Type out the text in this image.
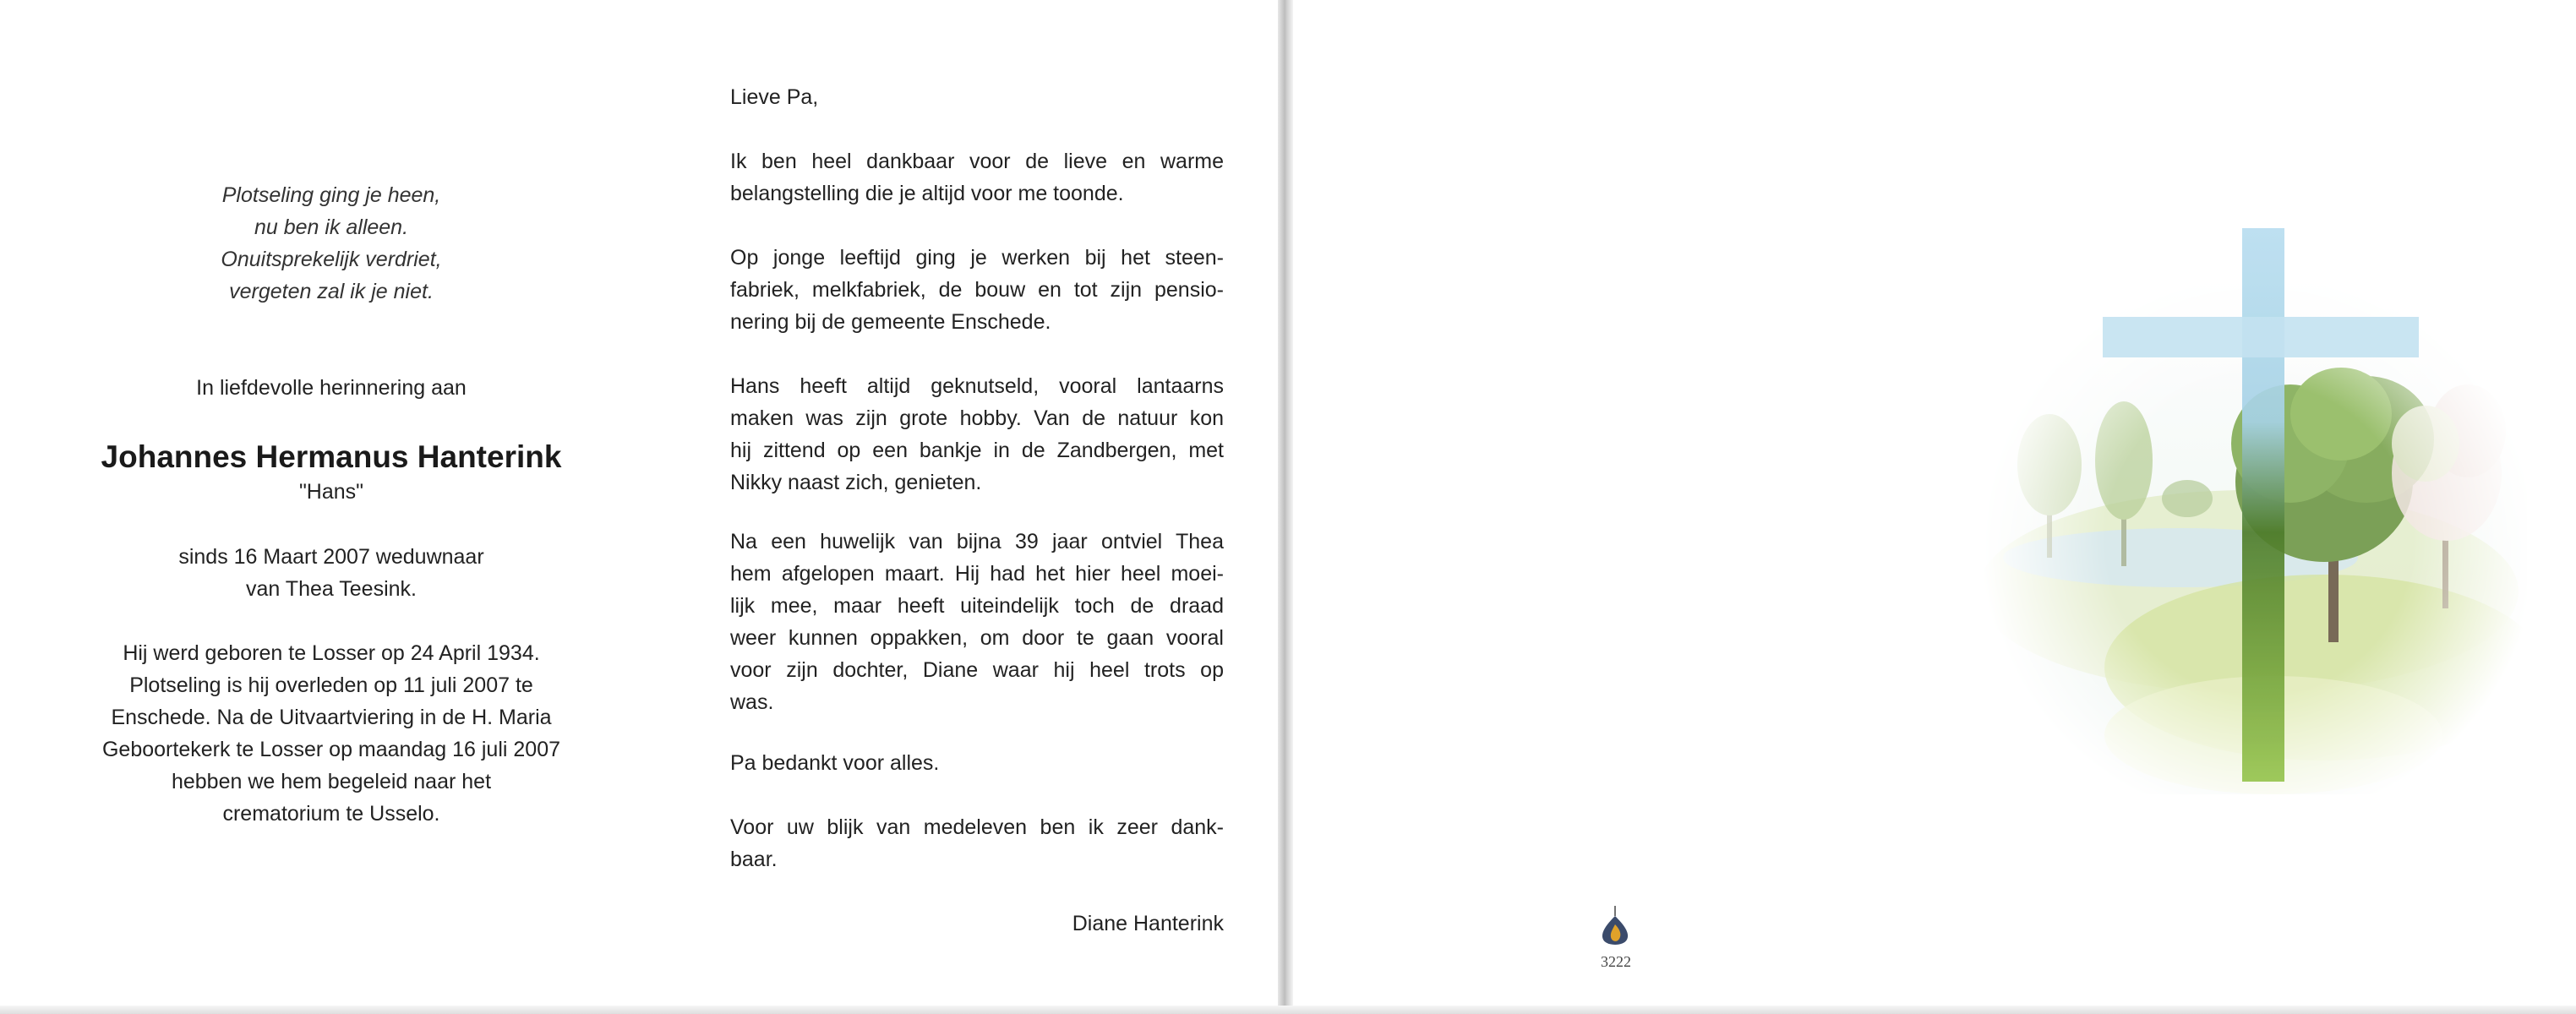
Plotseling ging je heen,
nu ben ik alleen.
Onuitsprekelijk verdriet,
vergeten zal ik je niet.
In liefdevolle herinnering aan
Johannes Hermanus Hanterink
"Hans"
sinds 16 Maart 2007 weduwnaar
van Thea Teesink.
Hij werd geboren te Losser op 24 April 1934.
Plotseling is hij overleden op 11 juli 2007 te
Enschede. Na de Uitvaartviering in de H. Maria
Geboortekerk te Losser op maandag 16 juli 2007
hebben we hem begeleid naar het
crematorium te Usselo.
Lieve Pa,
Ik ben heel dankbaar voor de lieve en warme
belangstelling die je altijd voor me toonde.
Op jonge leeftijd ging je werken bij het steen-
fabriek, melkfabriek, de bouw en tot zijn pensio-
nering bij de gemeente Enschede.
Hans heeft altijd geknutseld, vooral lantaarns
maken was zijn grote hobby. Van de natuur kon
hij zittend op een bankje in de Zandbergen, met
Nikky naast zich, genieten.
Na een huwelijk van bijna 39 jaar ontviel Thea
hem afgelopen maart. Hij had het hier heel moei-
lijk mee, maar heeft uiteindelijk toch de draad
weer kunnen oppakken, om door te gaan vooral
voor zijn dochter, Diane waar hij heel trots op
was.
Pa bedankt voor alles.
Voor uw blijk van medeleven ben ik zeer dank-
baar.
Diane Hanterink
3222
